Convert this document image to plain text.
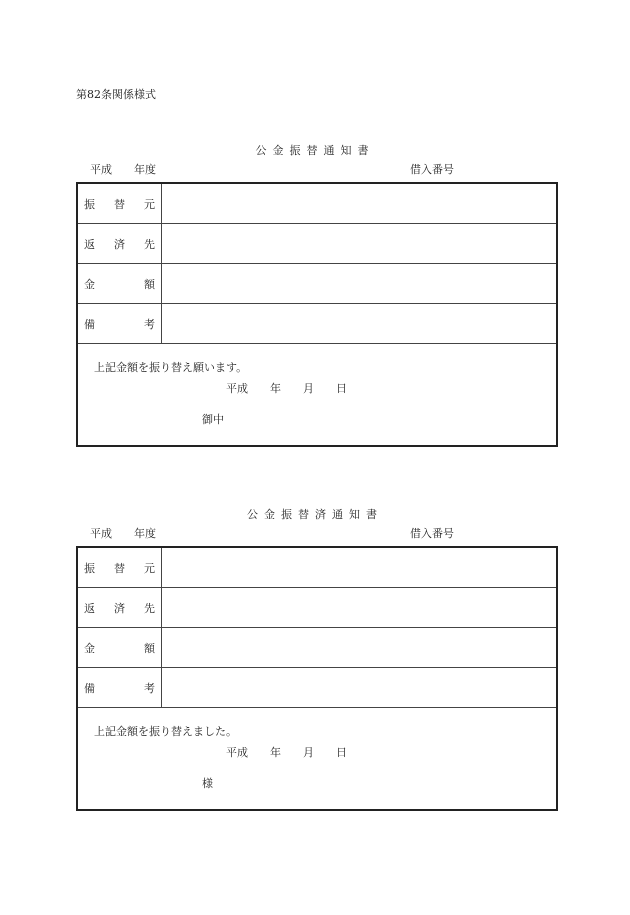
第82条関係様式
公金振替通知書
平成　　年度	借入番号
振 替 元
返 済 先
金	額
備	考
上記金額を振り替え願います。
平成　　年　　月　　日
御中
公金振替済通知書
平成　　年度	借入番号
振 替 元
返 済 先
金	額
備	考
上記金額を振り替えました。
平成　　年　　月　　日
様
